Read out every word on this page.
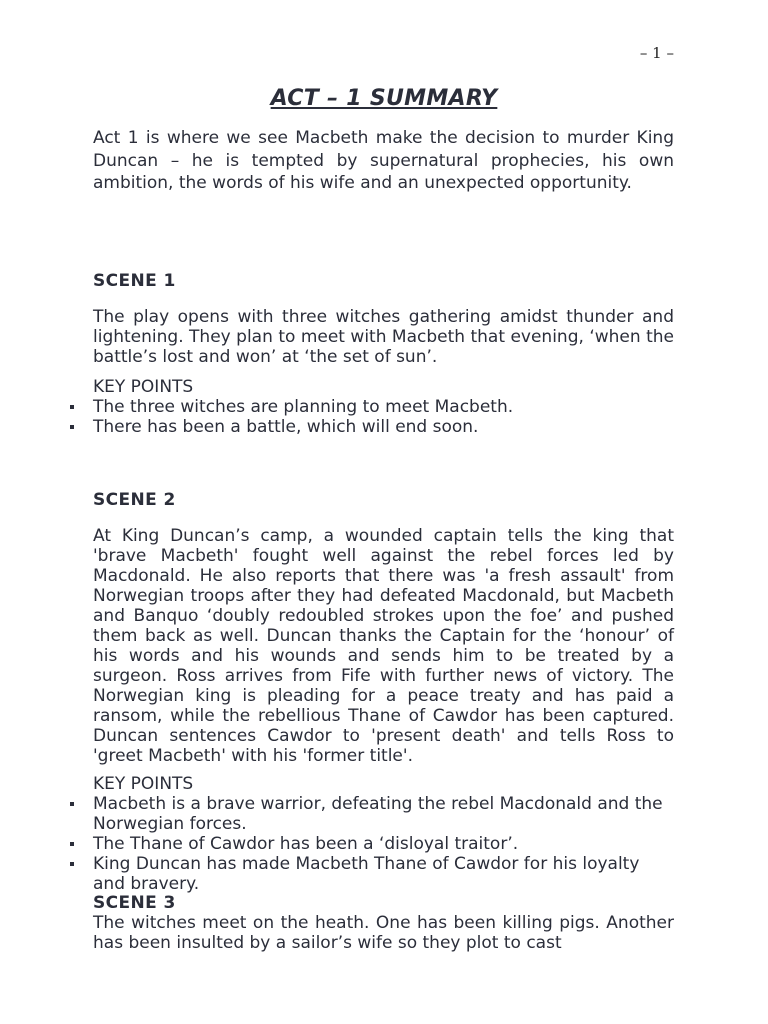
– 1 –
ACT – 1 SUMMARY

Act 1 is where we see Macbeth make the decision to murder King Duncan – he is tempted by supernatural prophecies, his own ambition, the words of his wife and an unexpected opportunity.

SCENE 1

The play opens with three witches gathering amidst thunder and lightening. They plan to meet with Macbeth that evening, ‘when the battle’s lost and won’ at ‘the set of sun’.

KEY POINTS
The three witches are planning to meet Macbeth.
There has been a battle, which will end soon.
SCENE 2

At King Duncan’s camp, a wounded captain tells the king that 'brave Macbeth' fought well against the rebel forces led by Macdonald. He also reports that there was 'a fresh assault' from Norwegian troops after they had defeated Macdonald, but Macbeth and Banquo ‘doubly redoubled strokes upon the foe’ and pushed them back as well. Duncan thanks the Captain for the ‘honour’ of his words and his wounds and sends him to be treated by a surgeon. Ross arrives from Fife with further news of victory. The Norwegian king is pleading for a peace treaty and has paid a ransom, while the rebellious Thane of Cawdor has been captured. Duncan sentences Cawdor to 'present death' and tells Ross to 'greet Macbeth' with his 'former title'.

KEY POINTS
Macbeth is a brave warrior, defeating the rebel Macdonald and the Norwegian forces.
The Thane of Cawdor has been a ‘disloyal traitor’.
King Duncan has made Macbeth Thane of Cawdor for his loyalty and bravery.
SCENE 3

The witches meet on the heath. One has been killing pigs. Another has been insulted by a sailor’s wife so they plot to cast
